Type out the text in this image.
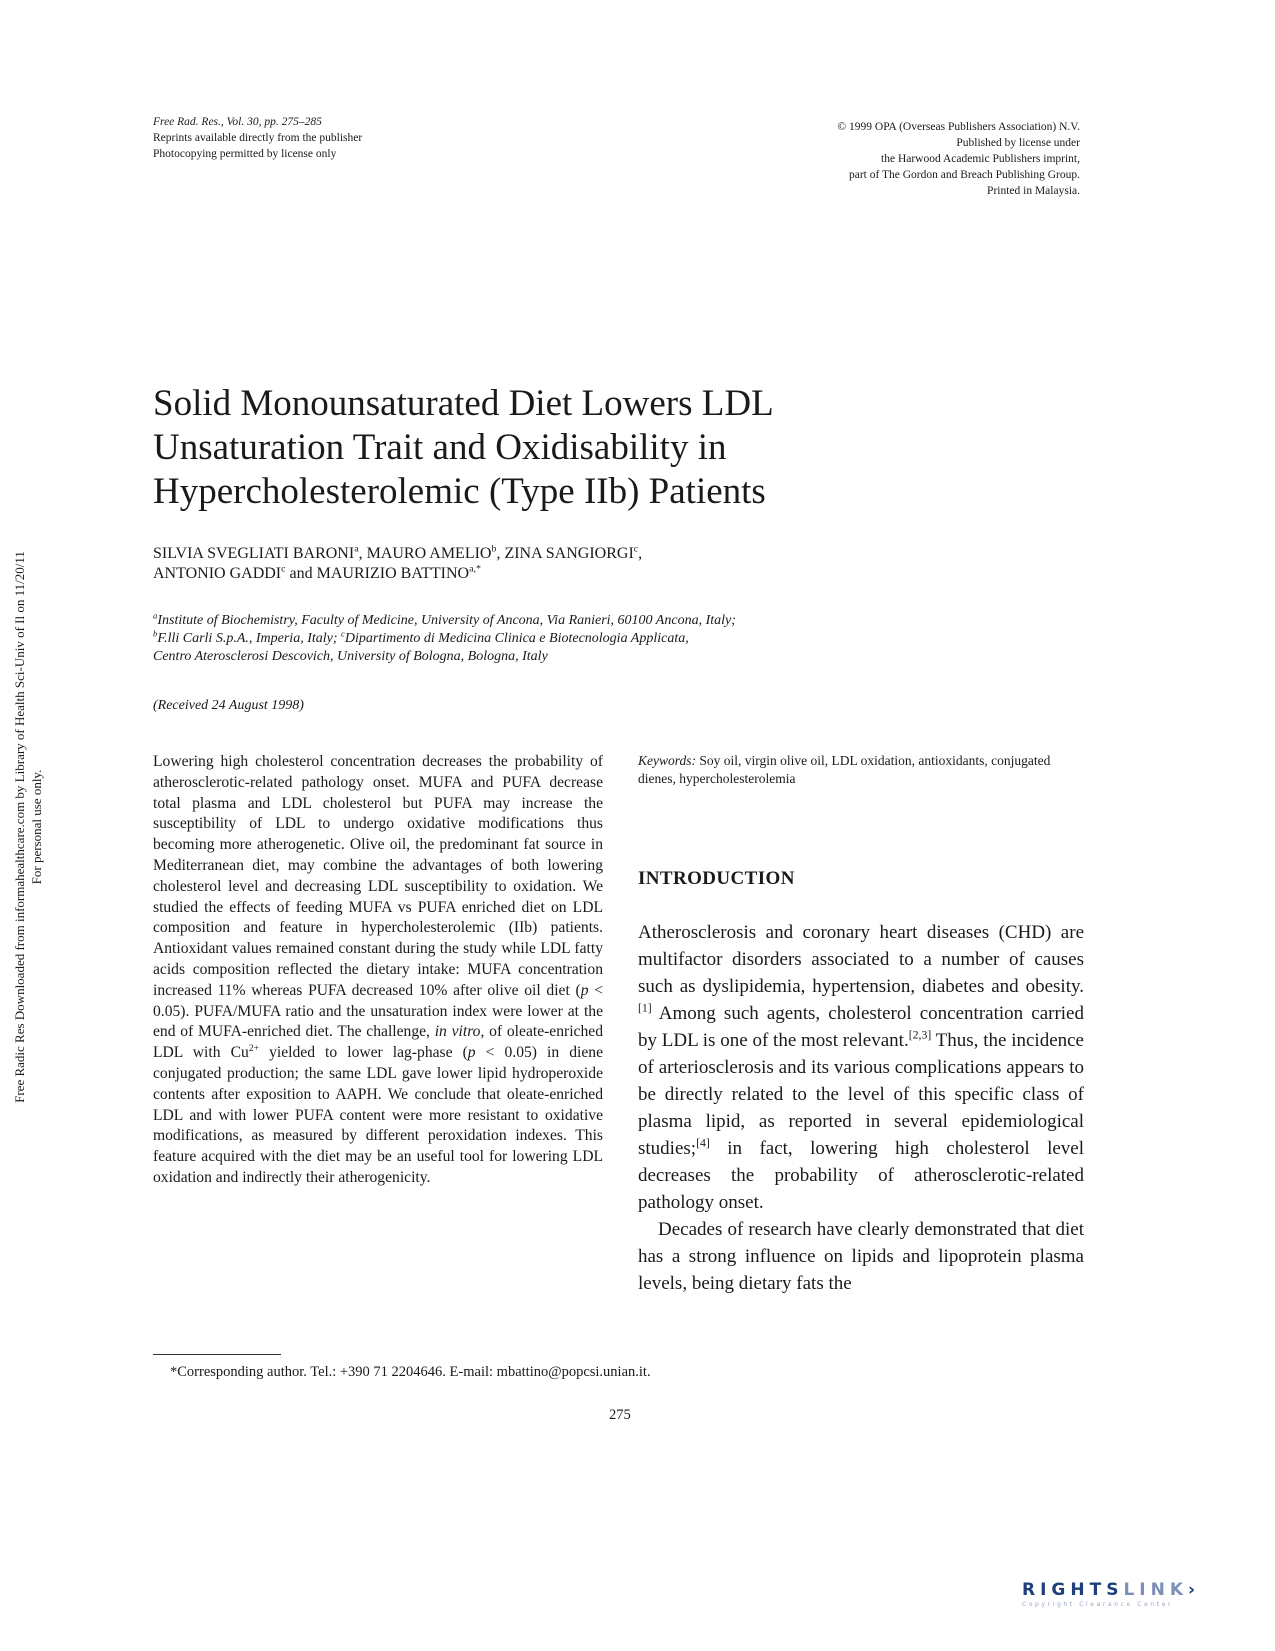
Free Rad. Res., Vol. 30, pp. 275–285
Reprints available directly from the publisher
Photocopying permitted by license only
© 1999 OPA (Overseas Publishers Association) N.V.
Published by license under
the Harwood Academic Publishers imprint,
part of The Gordon and Breach Publishing Group.
Printed in Malaysia.
Free Radic Res Downloaded from informahealthcare.com by Library of Health Sci-Univ of Il on 11/20/11 For personal use only.
Solid Monounsaturated Diet Lowers LDL
Unsaturation Trait and Oxidisability in
Hypercholesterolemic (Type IIb) Patients
SILVIA SVEGLIATI BARONI$^a$, MAURO AMELIO$^b$, ZINA SANGIORGI$^c$,
ANTONIO GADDI$^c$ and MAURIZIO $BATTINO^{a,*}$
$^a$Institute of Biochemistry, Faculty of Medicine, University of Ancona, Via Ranieri, 60100 Ancona, Italy;
$^b$F.lli Carli S.p.A., Imperia, Italy; $^c$Dipartimento di Medicina Clinica e Biotecnologia Applicata,
Centro Aterosclerosi Descovich, University of Bologna, Bologna, Italy
(Received 24 August 1998)
Lowering high cholesterol concentration decreases the probability of atherosclerotic-related pathology onset. MUFA and PUFA decrease total plasma and LDL cholesterol but PUFA may increase the susceptibility of LDL to undergo oxidative modifications thus becoming more atherogenetic. Olive oil, the predominant fat source in Mediterranean diet, may combine the advantages of both lowering cholesterol level and decreasing LDL susceptibility to oxidation. We studied the effects of feeding MUFA vs PUFA enriched diet on LDL composition and feature in hypercholesterolemic (IIb) patients. Antioxidant values remained constant during the study while LDL fatty acids composition reflected the dietary intake: MUFA concentration increased 11% whereas PUFA decreased 10% after olive oil diet (p < 0.05). PUFA/MUFA ratio and the unsaturation index were lower at the end of MUFA-enriched diet. The challenge, in vitro, of oleate-enriched LDL with $Cu^{2+}$ yielded to lower lag-phase (p < 0.05) in diene conjugated production; the same LDL gave lower lipid hydroperoxide contents after exposition to AAPH. We conclude that oleate-enriched LDL and with lower PUFA content were more resistant to oxidative modifications, as measured by different peroxidation indexes. This feature acquired with the diet may be an useful tool for lowering LDL oxidation and indirectly their atherogenicity.
Keywords: Soy oil, virgin olive oil, LDL oxidation, antioxidants, conjugated dienes, hypercholesterolemia
INTRODUCTION

Atherosclerosis and coronary heart diseases (CHD) are multifactor disorders associated to a number of causes such as dyslipidemia, hypertension, diabetes and obesity.[1] Among such agents, cholesterol concentration carried by LDL is one of the most relevant.[2,3] Thus, the incidence of arteriosclerosis and its various complications appears to be directly related to the level of this specific class of plasma lipid, as reported in several epidemiological studies;[4] in fact, lowering high cholesterol level decreases the probability of atherosclerotic-related pathology onset.

Decades of research have clearly demonstrated that diet has a strong influence on lipids and lipoprotein plasma levels, being dietary fats the

*Corresponding author. Tel.: +390 71 2204646. E-mail: mbattino@popcsi.unian.it.
275
RIGHTSLINK›
Copyright Clearance Center
